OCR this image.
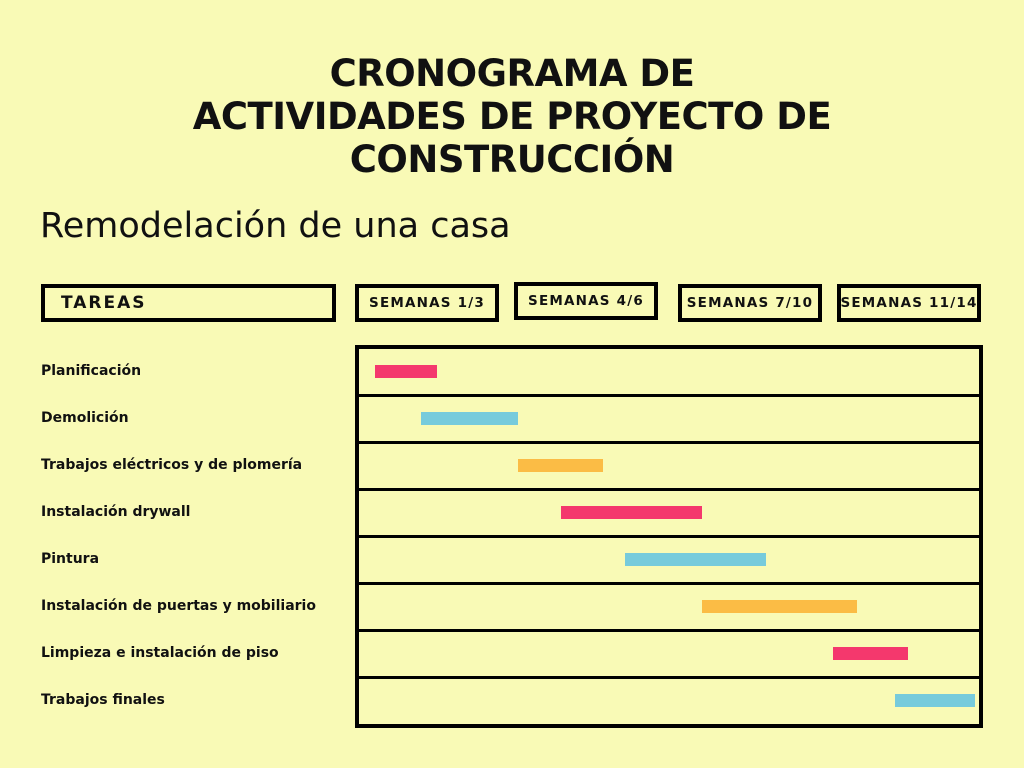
CRONOGRAMA DE
ACTIVIDADES DE PROYECTO DE
CONSTRUCCIÓN
Remodelación de una casa
TAREAS	SEMANAS 1/3	SEMANAS 4/6	SEMANAS 7/10	SEMANAS 11/14
Planificación
Demolición
Trabajos eléctricos y de plomería
Instalación drywall
Pintura
Instalación de puertas y mobiliario
Limpieza e instalación de piso
Trabajos finales
